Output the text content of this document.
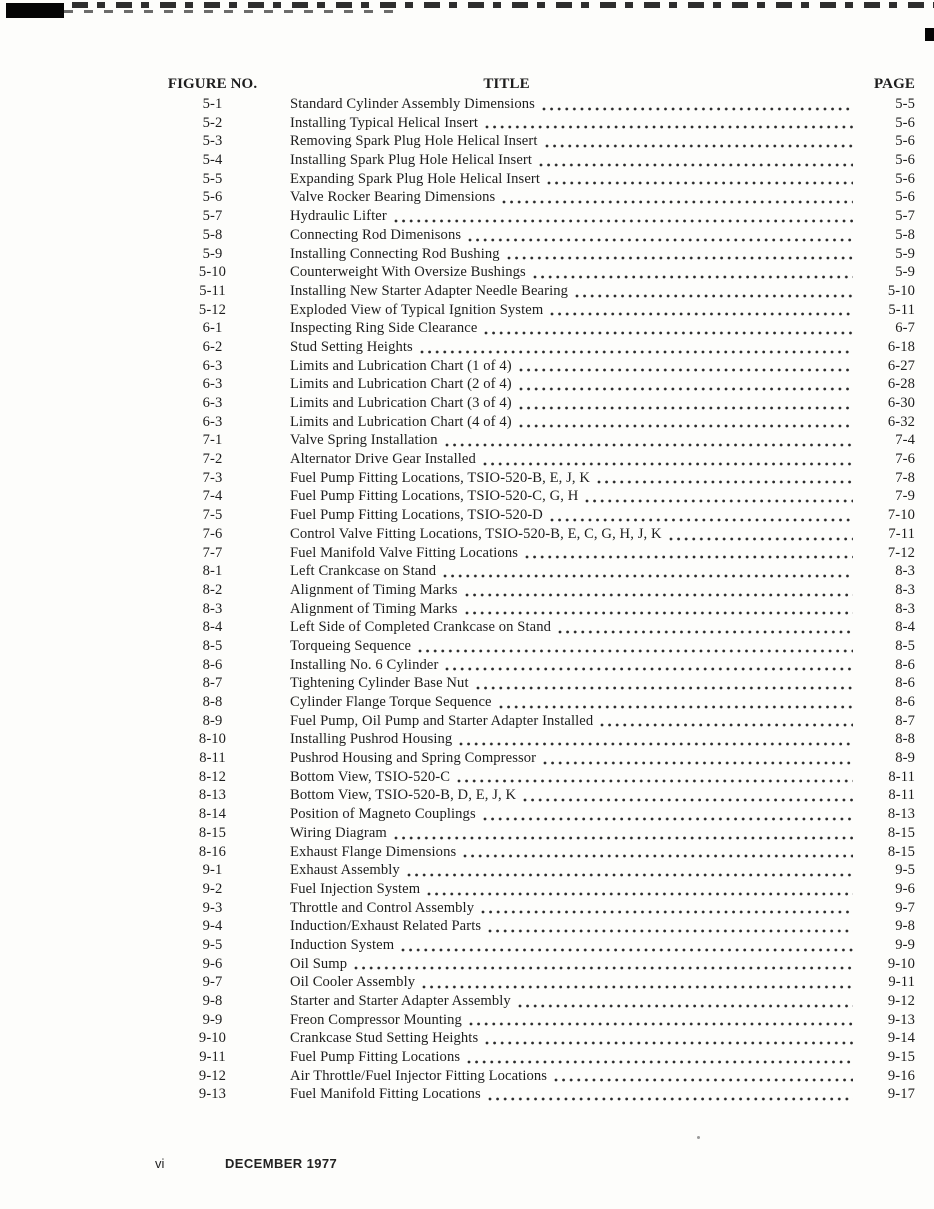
FIGURE NO.	TITLE	PAGE
5-1	Standard Cylinder Assembly Dimensions	5-5
5-2	Installing Typical Helical Insert	5-6
5-3	Removing Spark Plug Hole Helical Insert	5-6
5-4	Installing Spark Plug Hole Helical Insert	5-6
5-5	Expanding Spark Plug Hole Helical Insert	5-6
5-6	Valve Rocker Bearing Dimensions	5-6
5-7	Hydraulic Lifter	5-7
5-8	Connecting Rod Dimenisons	5-8
5-9	Installing Connecting Rod Bushing	5-9
5-10	Counterweight With Oversize Bushings	5-9
5-11	Installing New Starter Adapter Needle Bearing	5-10
5-12	Exploded View of Typical Ignition System	5-11
6-1	Inspecting Ring Side Clearance	6-7
6-2	Stud Setting Heights	6-18
6-3	Limits and Lubrication Chart (1 of 4)	6-27
6-3	Limits and Lubrication Chart (2 of 4)	6-28
6-3	Limits and Lubrication Chart (3 of 4)	6-30
6-3	Limits and Lubrication Chart (4 of 4)	6-32
7-1	Valve Spring Installation	7-4
7-2	Alternator Drive Gear Installed	7-6
7-3	Fuel Pump Fitting Locations, TSIO-520-B, E, J, K	7-8
7-4	Fuel Pump Fitting Locations, TSIO-520-C, G, H	7-9
7-5	Fuel Pump Fitting Locations, TSIO-520-D	7-10
7-6	Control Valve Fitting Locations, TSIO-520-B, E, C, G, H, J, K	7-11
7-7	Fuel Manifold Valve Fitting Locations	7-12
8-1	Left Crankcase on Stand	8-3
8-2	Alignment of Timing Marks	8-3
8-3	Alignment of Timing Marks	8-3
8-4	Left Side of Completed Crankcase on Stand	8-4
8-5	Torqueing Sequence	8-5
8-6	Installing No. 6 Cylinder	8-6
8-7	Tightening Cylinder Base Nut	8-6
8-8	Cylinder Flange Torque Sequence	8-6
8-9	Fuel Pump, Oil Pump and Starter Adapter Installed	8-7
8-10	Installing Pushrod Housing	8-8
8-11	Pushrod Housing and Spring Compressor	8-9
8-12	Bottom View, TSIO-520-C	8-11
8-13	Bottom View, TSIO-520-B, D, E, J, K	8-11
8-14	Position of Magneto Couplings	8-13
8-15	Wiring Diagram	8-15
8-16	Exhaust Flange Dimensions	8-15
9-1	Exhaust Assembly	9-5
9-2	Fuel Injection System	9-6
9-3	Throttle and Control Assembly	9-7
9-4	Induction/Exhaust Related Parts	9-8
9-5	Induction System	9-9
9-6	Oil Sump	9-10
9-7	Oil Cooler Assembly	9-11
9-8	Starter and Starter Adapter Assembly	9-12
9-9	Freon Compressor Mounting	9-13
9-10	Crankcase Stud Setting Heights	9-14
9-11	Fuel Pump Fitting Locations	9-15
9-12	Air Throttle/Fuel Injector Fitting Locations	9-16
9-13	Fuel Manifold Fitting Locations	9-17
vi	DECEMBER 1977
